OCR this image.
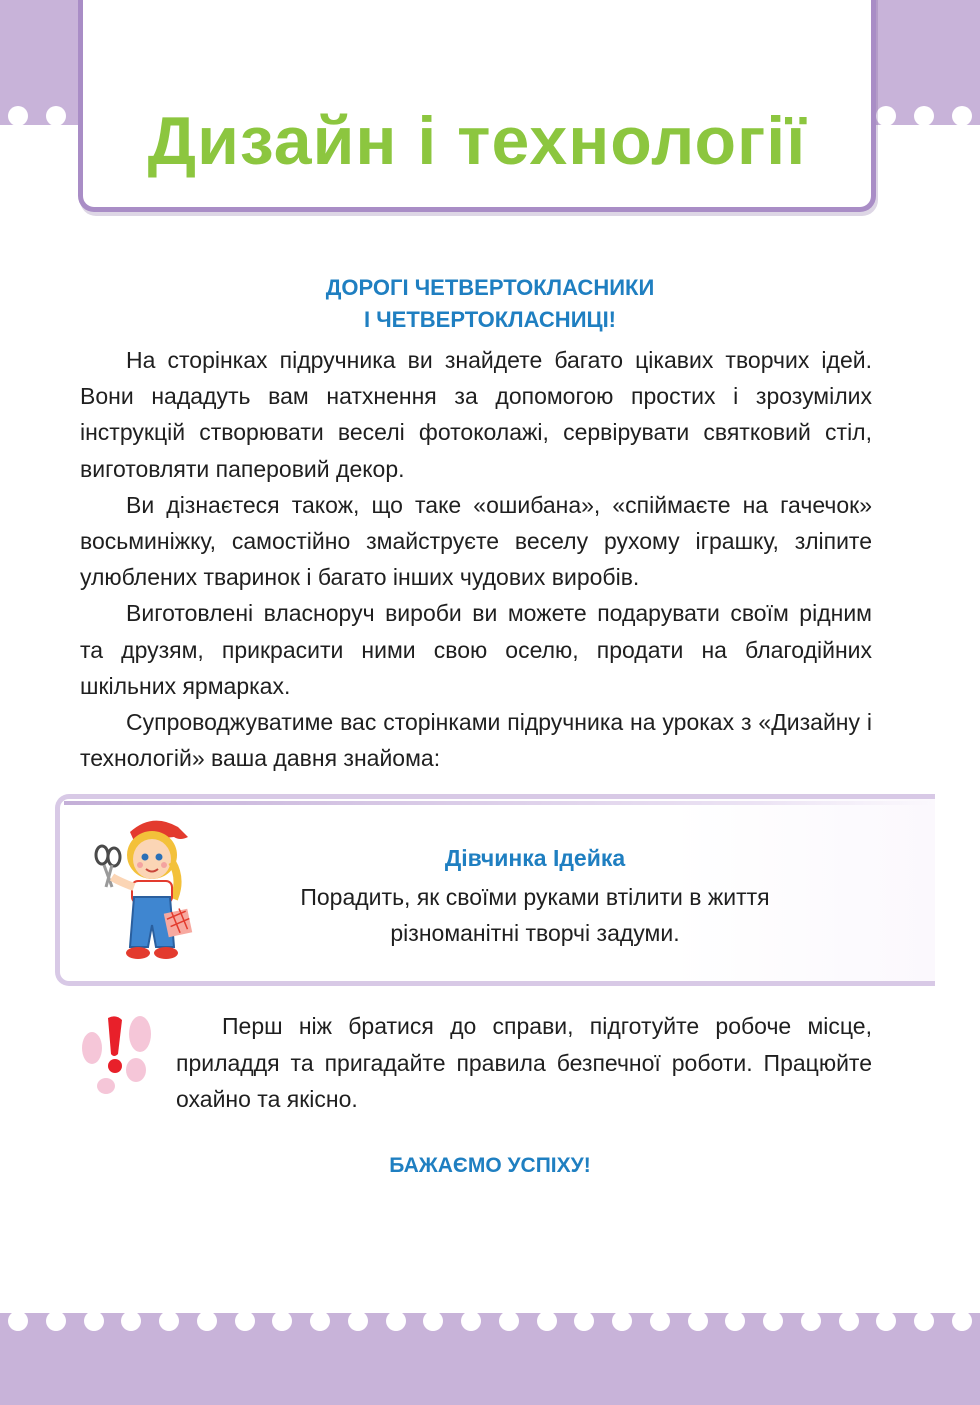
Дизайн і технології
ДОРОГІ ЧЕТВЕРТОКЛАСНИКИ
І ЧЕТВЕРТОКЛАСНИЦІ!

На сторінках підручника ви знайдете багато цікавих творчих ідей. Вони нададуть вам натхнення за допомогою простих і зрозумілих інструкцій створювати веселі фотоколажі, сервірувати святковий стіл, виготовляти паперовий декор.

Ви дізнаєтеся також, що таке «ошибана», «спіймаєте на гачечок» восьминіжку, самостійно змайструєте веселу рухому іграшку, зліпите улюблених тваринок і багато інших чудових виробів.

Виготовлені власноруч вироби ви можете подарувати своїм рідним та друзям, прикрасити ними свою оселю, продати на благодійних шкільних ярмарках.

Супроводжуватиме вас сторінками підручника на уроках з «Дизайну і технологій» ваша давня знайома:

Дівчинка Ідейка
Порадить, як своїми руками втілити в життя
різноманітні творчі задуми.

Перш ніж братися до справи, підготуйте робоче місце, приладдя та пригадайте правила безпечної роботи. Працюйте охайно та якісно.

БАЖАЄМО УСПІХУ!
